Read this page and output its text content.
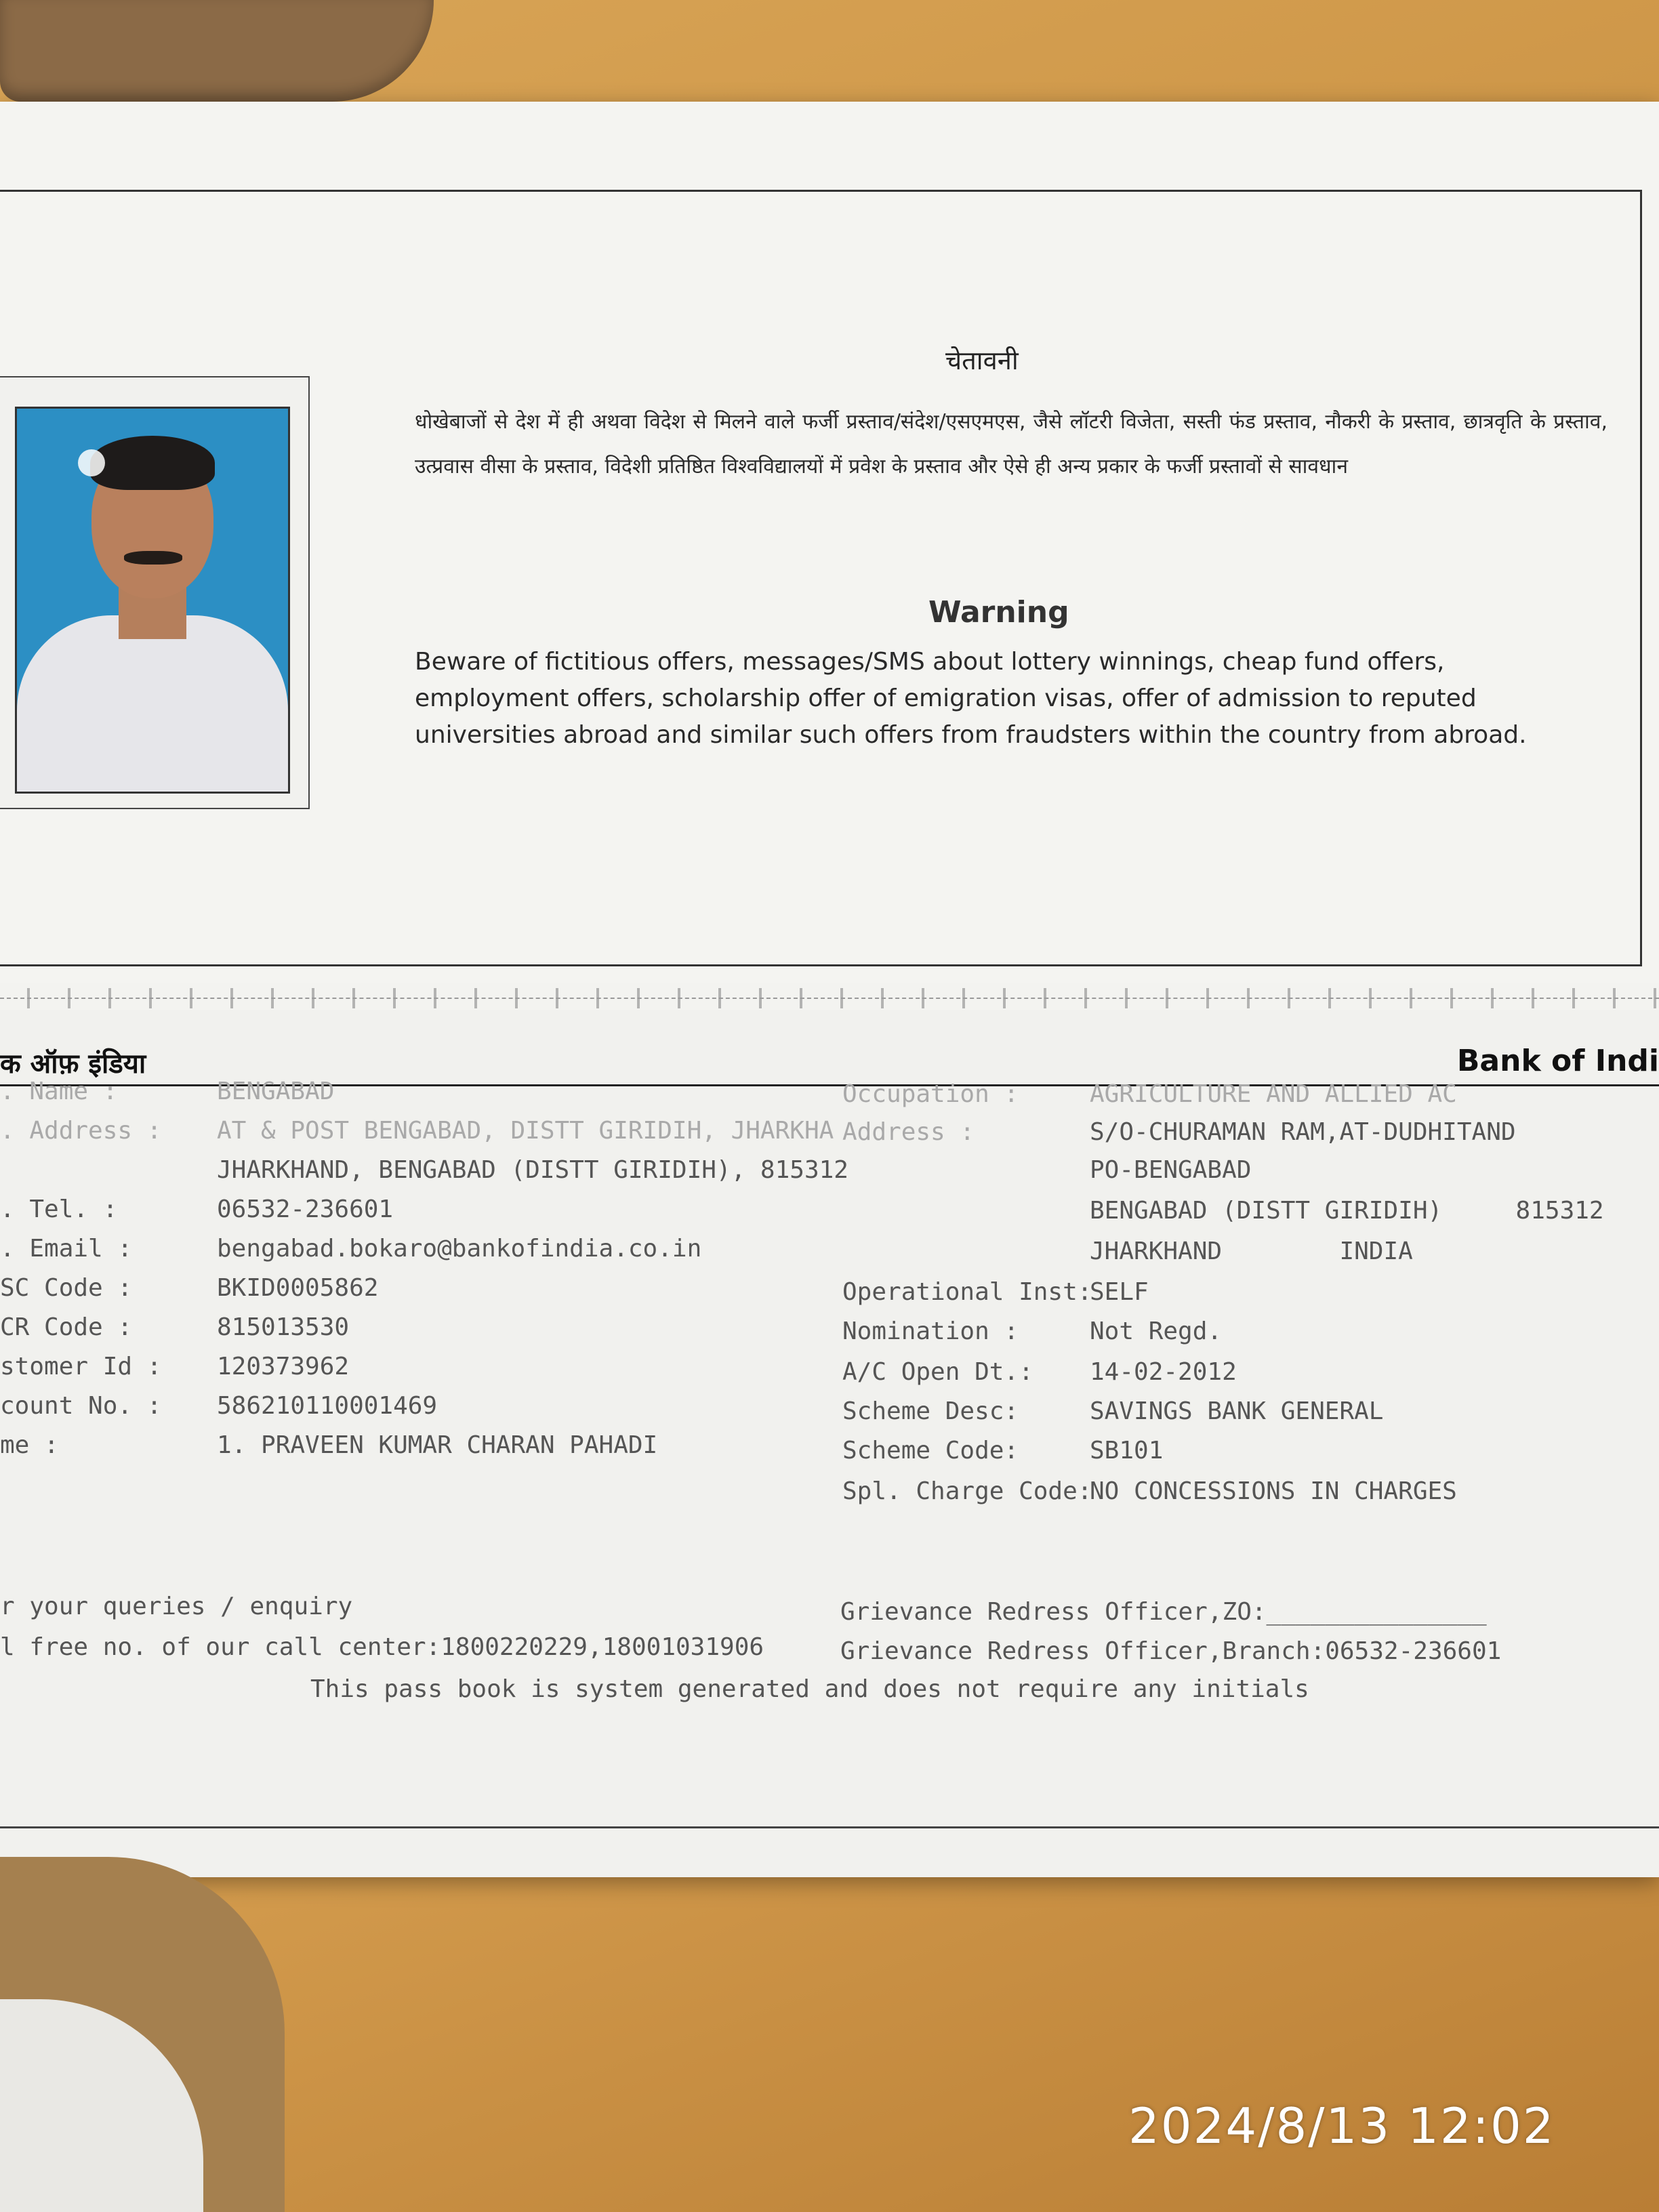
चेतावनी
धोखेबाजों से देश में ही अथवा विदेश से मिलने वाले फर्जी प्रस्ताव/संदेश/एसएमएस, जैसे लॉटरी विजेता, सस्ती फंड प्रस्ताव, नौकरी के प्रस्ताव, छात्रवृति के प्रस्ताव, उत्प्रवास वीसा के प्रस्ताव, विदेशी प्रतिष्ठित विश्वविद्यालयों में प्रवेश के प्रस्ताव और ऐसे ही अन्य प्रकार के फर्जी प्रस्तावों से सावधान
Warning
Beware of fictitious offers, messages/SMS about lottery winnings, cheap fund offers, employment offers, scholarship offer of emigration visas, offer of admission to reputed universities abroad and similar such offers from fraudsters within the country from abroad.
क ऑफ़ इंडिया	Bank of Indi
. Name :	BENGABAD
. Address : AT & POST BENGABAD, DISTT GIRIDIH, JHARKHA
JHARKHAND, BENGABAD (DISTT GIRIDIH), 815312
. Tel. :	06532-236601
. Email :	bengabad.bokaro@bankofindia.co.in
SC Code :	BKID0005862
CR Code :	815013530
stomer Id : 120373962
count No. : 586210110001469
me :	1. PRAVEEN KUMAR CHARAN PAHADI
Occupation :	AGRICULTURE AND ALLIED AC
Address :	S/O-CHURAMAN RAM,AT-DUDHITAND
PO-BENGABAD
BENGABAD (DISTT GIRIDIH)     815312
JHARKHAND        INDIA
Operational Inst:
SELF
Nomination :	Not Regd.
A/C Open Dt.: 14-02-2012
Scheme Desc:	SAVINGS BANK GENERAL
Scheme Code:	SB101
Spl. Charge Code:
NO CONCESSIONS IN CHARGES
r your queries / enquiry
l free no. of our call center:1800220229,18001031906
Grievance Redress Officer,ZO:_______________
Grievance Redress Officer,Branch:06532-236601
This pass book is system generated and does not require any initials
2024/8/13 12:02
